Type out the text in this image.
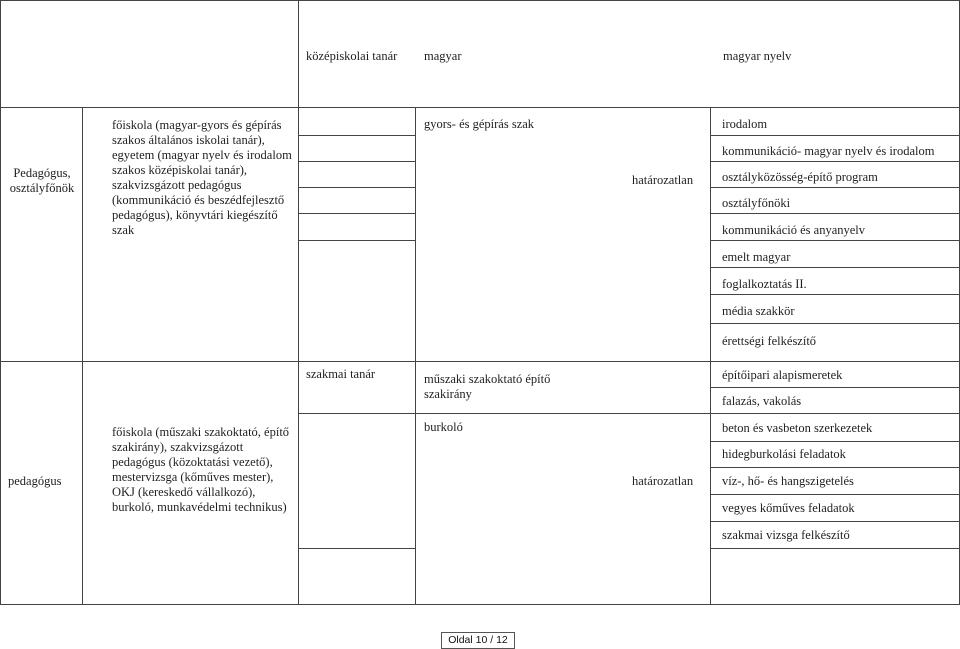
középiskolai tanár magyar	magyar nyelv
Pedagógus, osztályfőnök
főiskola (magyar-gyors és gépírás szakos általános iskolai tanár), egyetem (magyar nyelv és irodalom szakos középiskolai tanár), szakvizsgázott pedagógus (kommunikáció és beszédfejlesztő pedagógus), könyvtári kiegészítő szak
gyors- és gépírás szak
határozatlan
irodalom
kommunikáció- magyar nyelv és irodalom
osztályközösség-építő program
osztályfőnöki
kommunikáció és anyanyelv
emelt magyar
foglalkoztatás II.
média szakkör
érettségi felkészítő
pedagógus
főiskola (műszaki szakoktató, építő szakirány), szakvizsgázott pedagógus (közoktatási vezető), mestervizsga (kőműves mester), OKJ (kereskedő vállalkozó), burkoló, munkavédelmi technikus)
szakmai tanár	műszaki szakoktató építő szakirány
burkoló
határozatlan
építőipari alapismeretek
falazás, vakolás
beton és vasbeton szerkezetek
hidegburkolási feladatok
víz-, hő- és hangszigetelés
vegyes kőműves feladatok
szakmai vizsga felkészítő
Oldal 10 / 12
